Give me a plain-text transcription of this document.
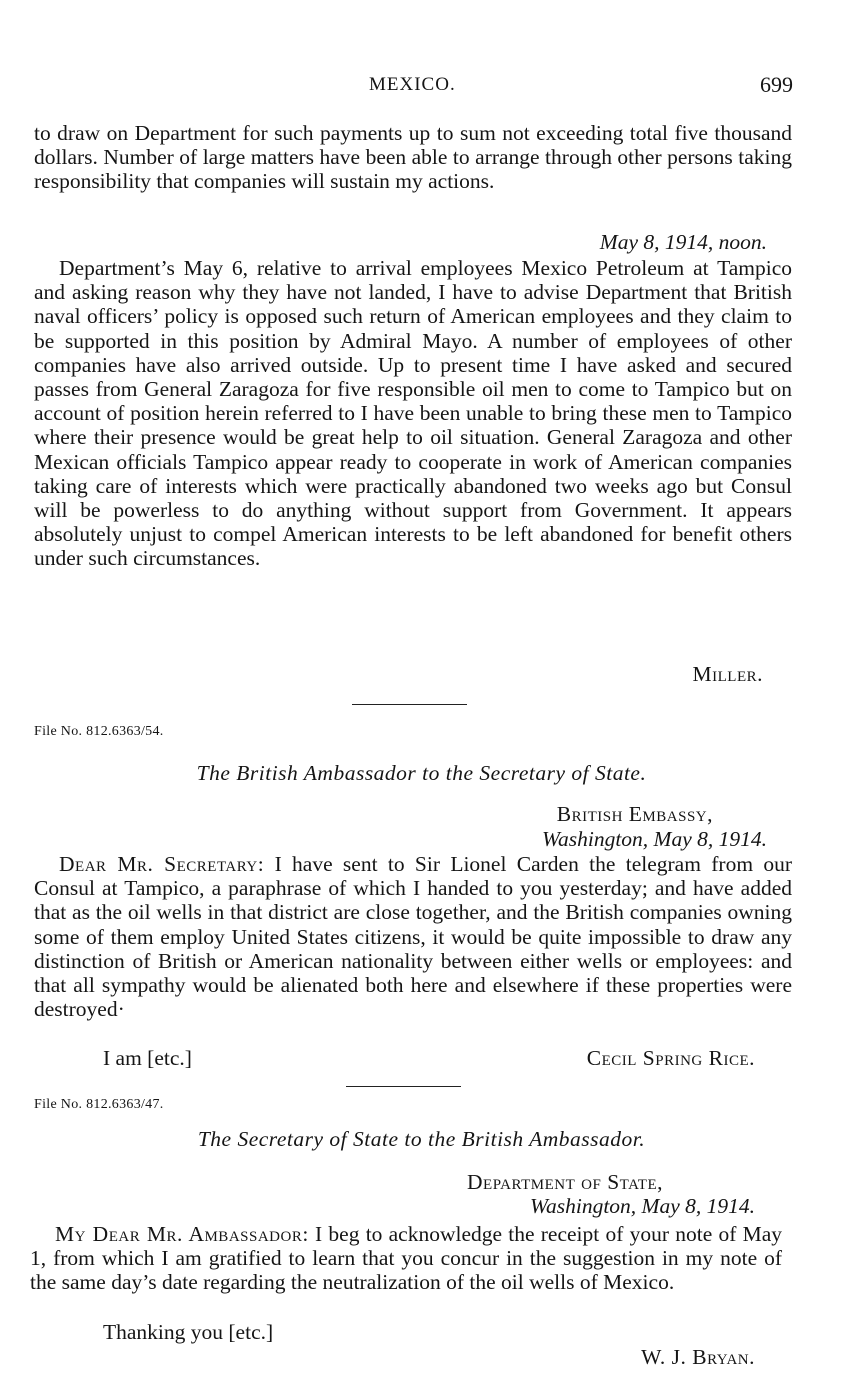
MEXICO.	699

to draw on Department for such payments up to sum not exceeding total five thousand dollars. Number of large matters have been able to arrange through other persons taking responsibility that companies will sustain my actions.

May 8, 1914, noon.

Department’s May 6, relative to arrival employees Mexico Petroleum at Tampico and asking reason why they have not landed, I have to advise Department that British naval officers’ policy is opposed such return of American employees and they claim to be supported in this position by Admiral Mayo. A number of employees of other companies have also arrived outside. Up to present time I have asked and secured passes from General Zaragoza for five responsible oil men to come to Tampico but on account of position herein referred to I have been unable to bring these men to Tampico where their presence would be great help to oil situation. General Zaragoza and other Mexican officials Tampico appear ready to cooperate in work of American companies taking care of interests which were practically abandoned two weeks ago but Consul will be powerless to do anything without support from Government. It appears absolutely unjust to compel American interests to be left abandoned for benefit others under such circumstances.

Miller.
File No. 812.6363/54.
The British Ambassador to the Secretary of State.
British Embassy,
Washington, May 8, 1914.

Dear Mr. Secretary: I have sent to Sir Lionel Carden the telegram from our Consul at Tampico, a paraphrase of which I handed to you yesterday; and have added that as the oil wells in that district are close together, and the British companies owning some of them employ United States citizens, it would be quite impossible to draw any distinction of British or American nationality between either wells or employees: and that all sympathy would be alienated both here and elsewhere if these properties were destroyed·

I am [etc.]	Cecil Spring Rice.
File No. 812.6363/47.
The Secretary of State to the British Ambassador.
Department of State,
Washington, May 8, 1914.

My Dear Mr. Ambassador: I beg to acknowledge the receipt of your note of May 1, from which I am gratified to learn that you concur in the suggestion in my note of the same day’s date regarding the neutralization of the oil wells of Mexico.

Thanking you [etc.]
W. J. Bryan.
